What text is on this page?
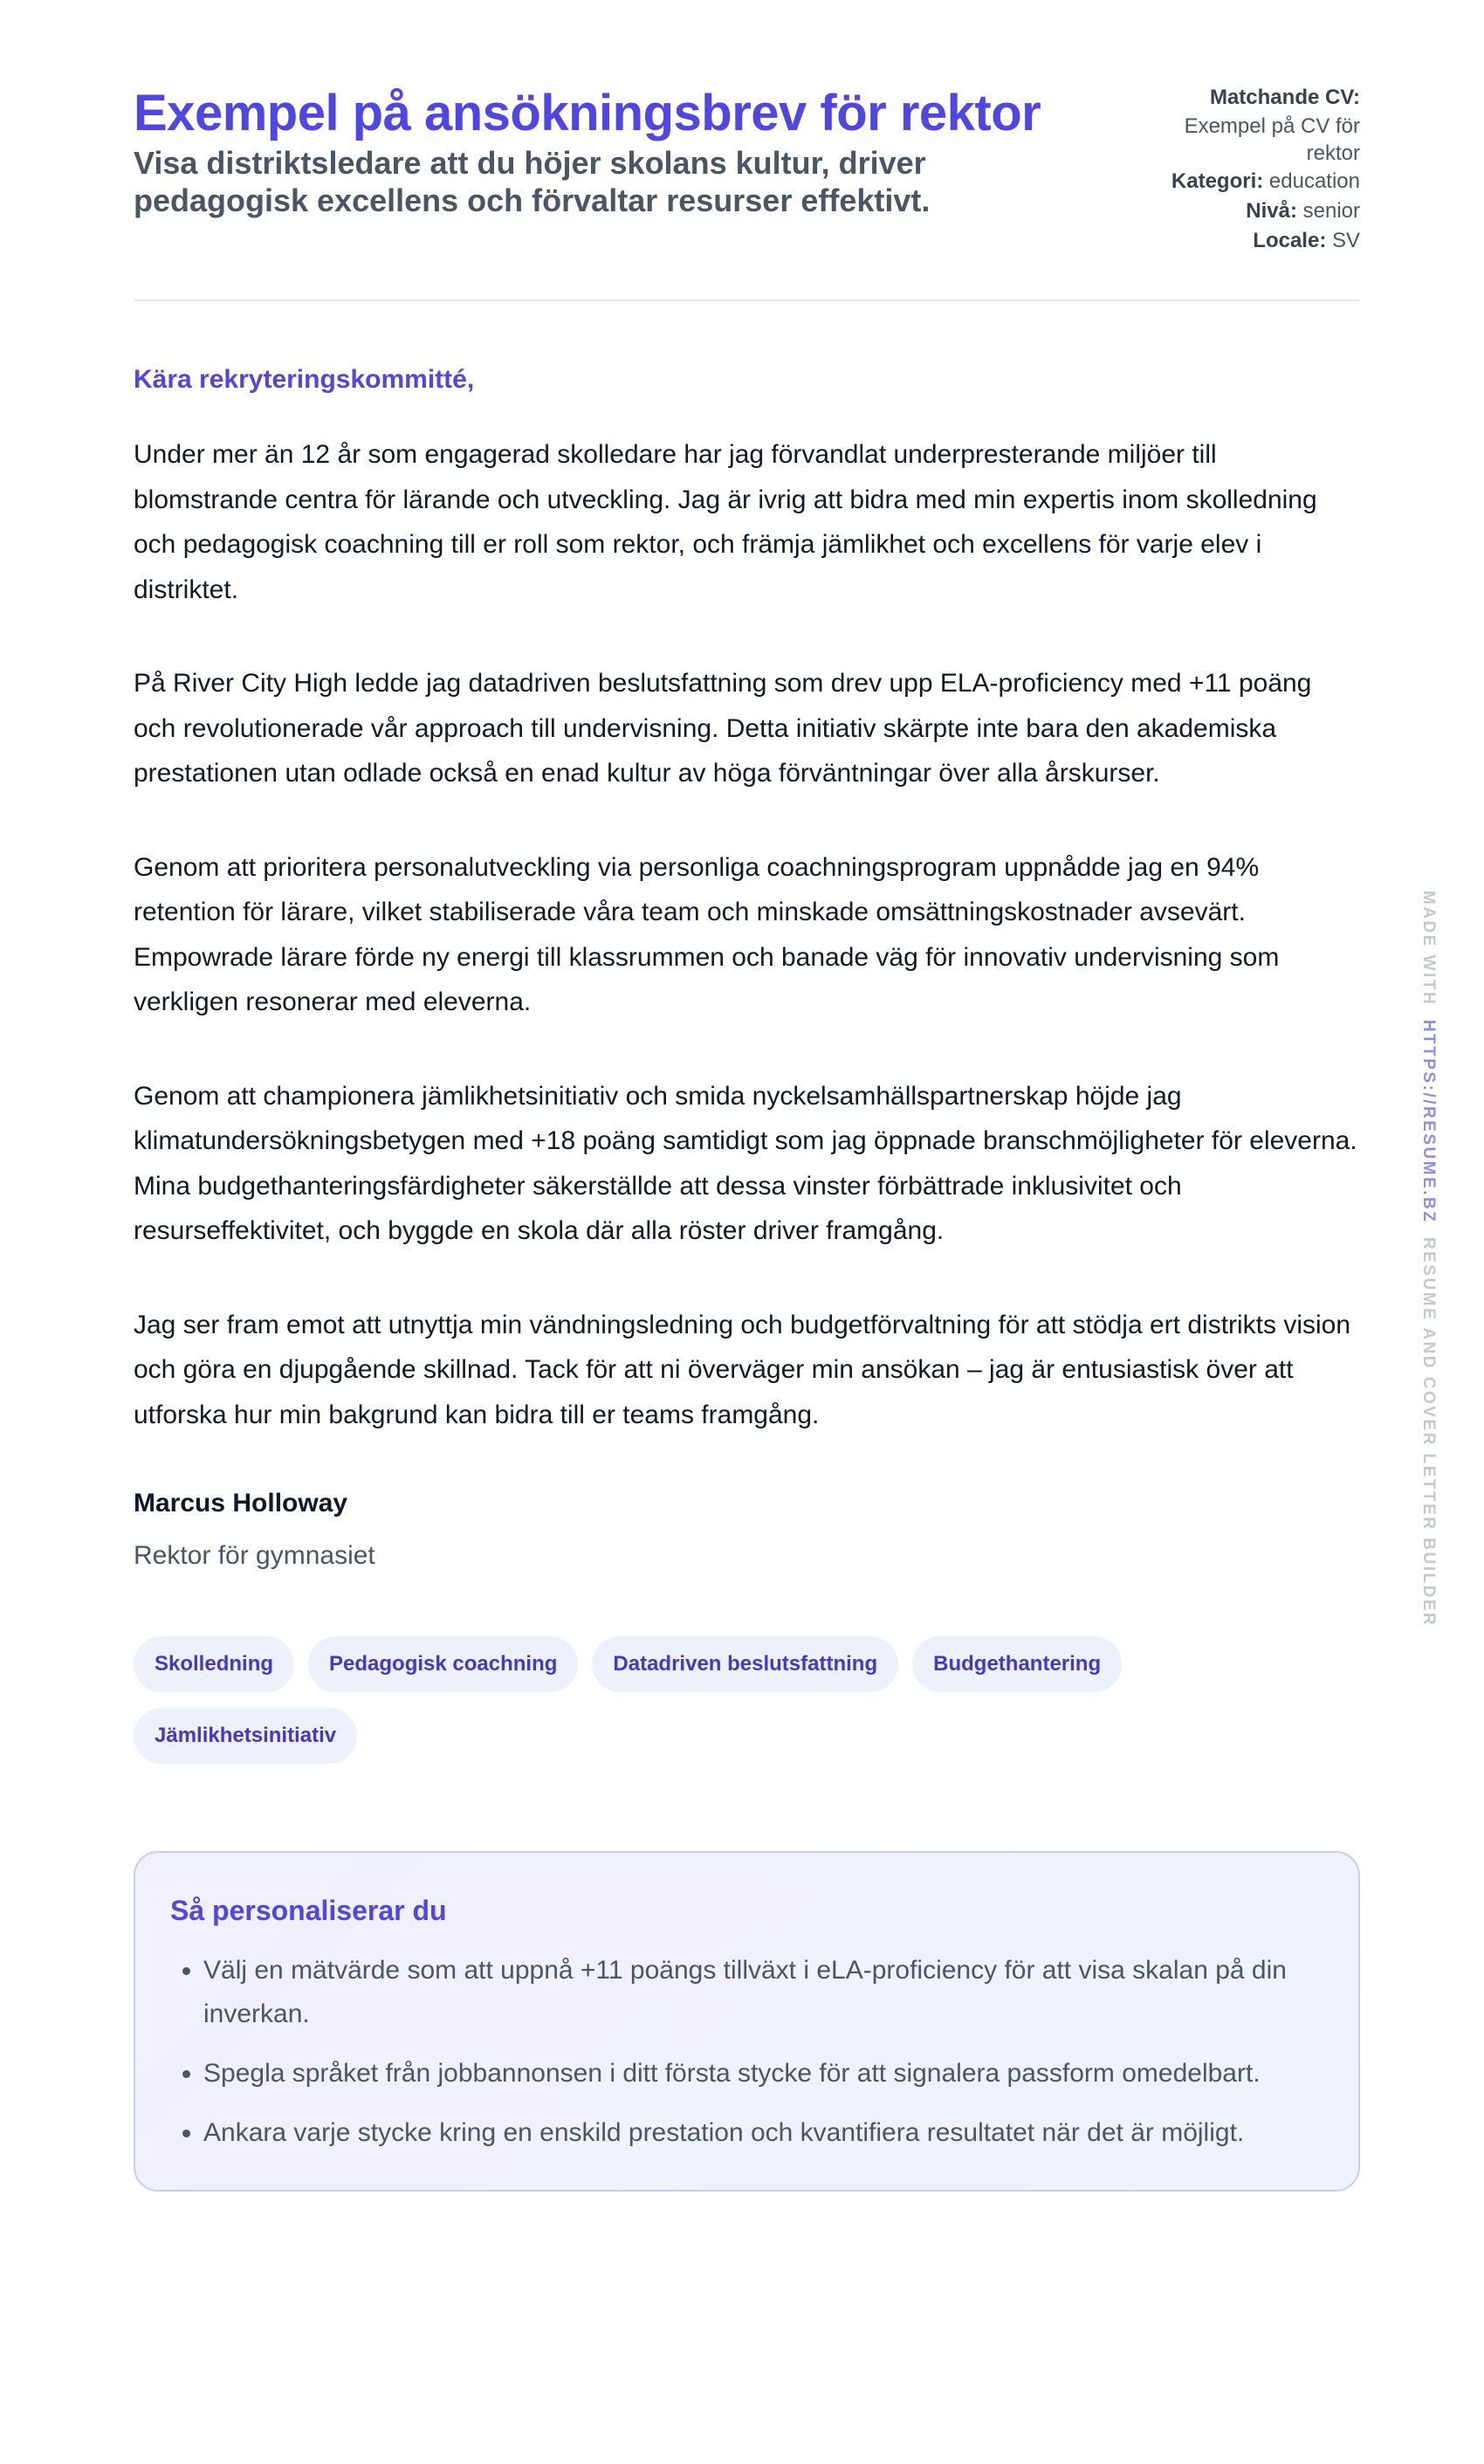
Exempel på ansökningsbrev för rektor

Visa distriktsledare att du höjer skolans kultur, driver pedagogisk excellens och förvaltar resurser effektivt.

Matchande CV:

Exempel på CV för rektor

Kategori: education

Nivå: senior

Locale: SV

Kära rekryteringskommitté,

Under mer än 12 år som engagerad skolledare har jag förvandlat underpresterande miljöer till blomstrande centra för lärande och utveckling. Jag är ivrig att bidra med min expertis inom skolledning och pedagogisk coachning till er roll som rektor, och främja jämlikhet och excellens för varje elev i distriktet.

På River City High ledde jag datadriven beslutsfattning som drev upp ELA-proficiency med +11 poäng och revolutionerade vår approach till undervisning. Detta initiativ skärpte inte bara den akademiska prestationen utan odlade också en enad kultur av höga förväntningar över alla årskurser.

Genom att prioritera personalutveckling via personliga coachningsprogram uppnådde jag en 94% retention för lärare, vilket stabiliserade våra team och minskade omsättningskostnader avsevärt. Empowrade lärare förde ny energi till klassrummen och banade väg för innovativ undervisning som verkligen resonerar med eleverna.

Genom att championera jämlikhetsinitiativ och smida nyckelsamhällspartnerskap höjde jag klimatundersökningsbetygen med +18 poäng samtidigt som jag öppnade branschmöjligheter för eleverna. Mina budgethanteringsfärdigheter säkerställde att dessa vinster förbättrade inklusivitet och resurseffektivitet, och byggde en skola där alla röster driver framgång.

Jag ser fram emot att utnyttja min vändningsledning och budgetförvaltning för att stödja ert distrikts vision och göra en djupgående skillnad. Tack för att ni överväger min ansökan – jag är entusiastisk över att utforska hur min bakgrund kan bidra till er teams framgång.

Marcus Holloway

Rektor för gymnasiet

Skolledning	Pedagogisk coachning	Datadriven beslutsfattning	Budgethantering
Jämlikhetsinitiativ

Så personaliserar du

• Välj en mätvärde som att uppnå +11 poängs tillväxt i eLA-proficiency för att visa skalan på din inverkan.
• Spegla språket från jobbannonsen i ditt första stycke för att signalera passform omedelbart.
• Ankara varje stycke kring en enskild prestation och kvantifiera resultatet när det är möjligt.
MADE WITH  HTTPS://RESUME.BZ  RESUME AND COVER LETTER BUILDER
